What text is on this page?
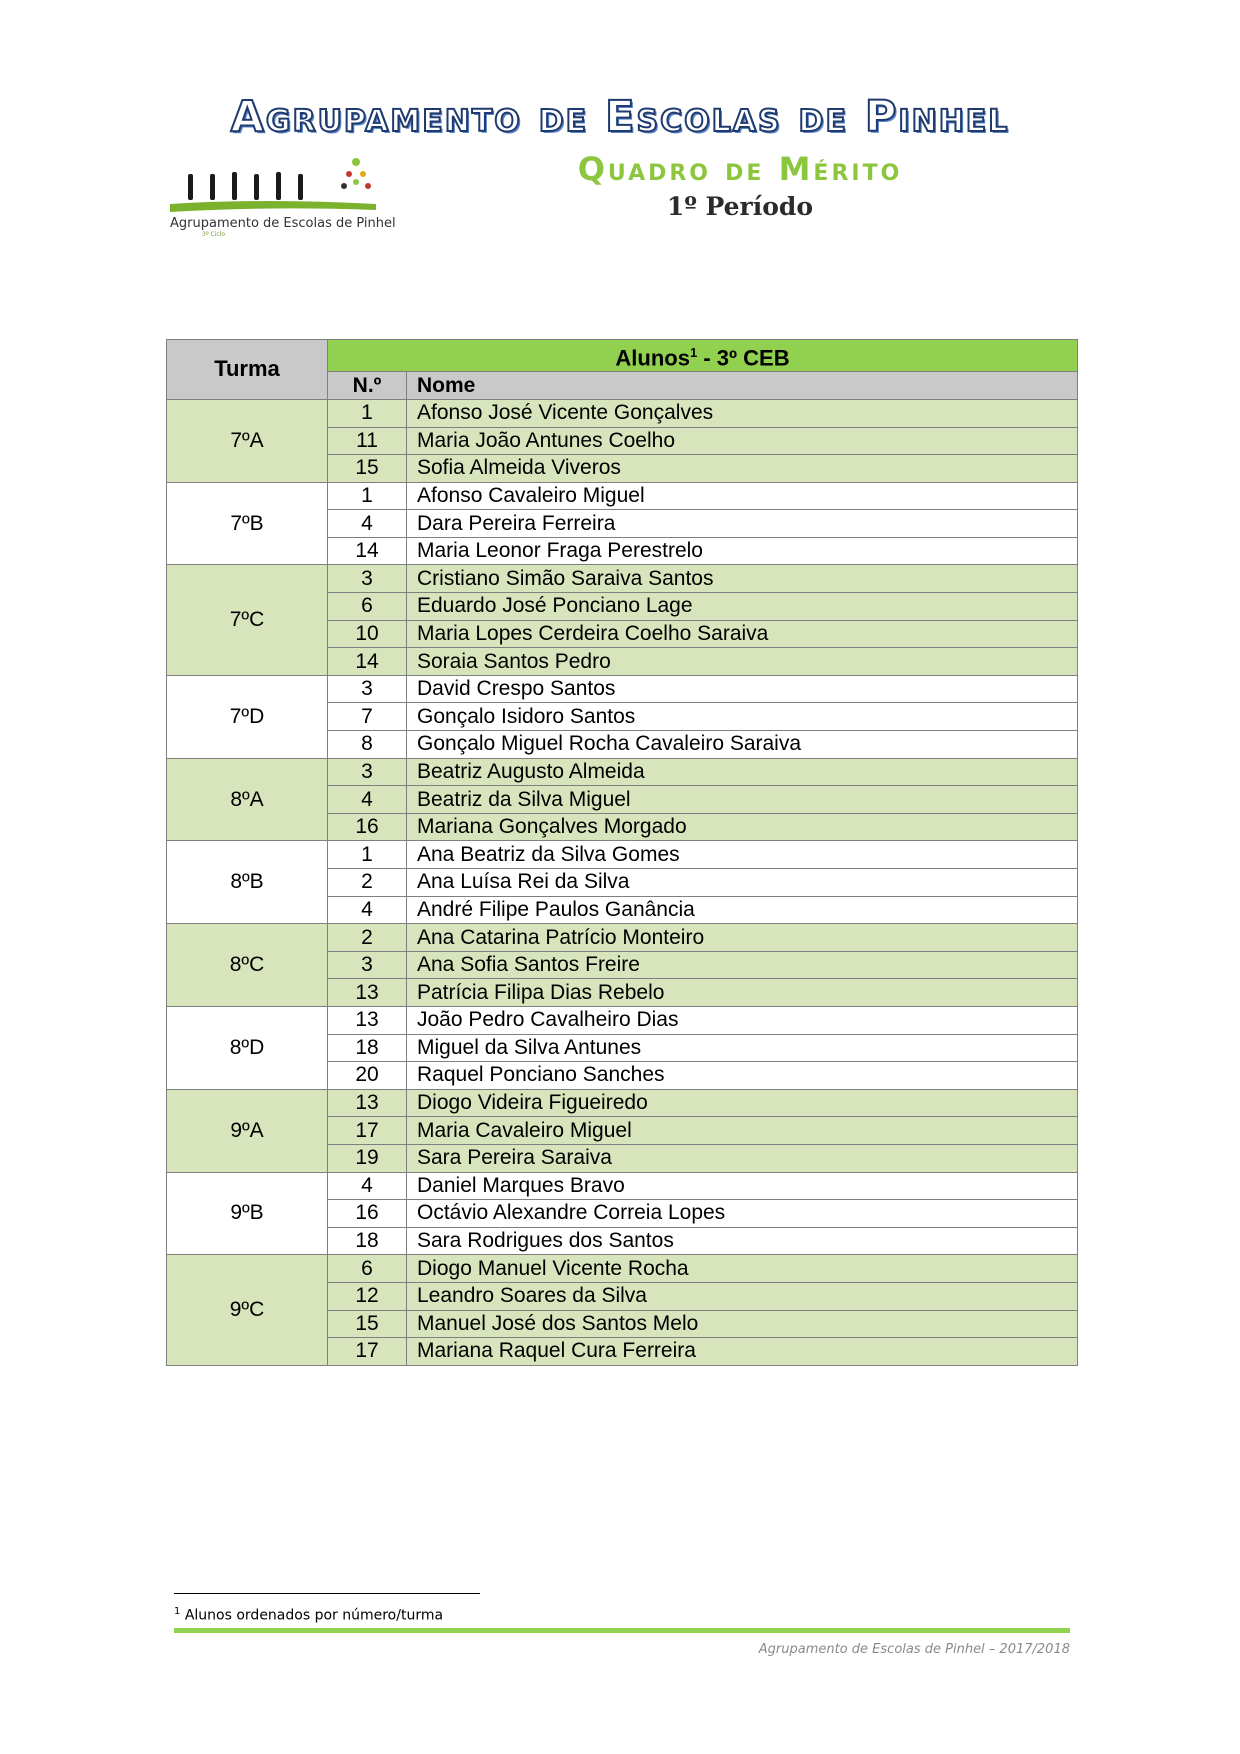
Agrupamento de Escolas de Pinhel
Agrupamento de Escolas de Pinhel
3º Ciclo
Quadro de Mérito
1º Período
Turma	Alunos$^1$ - 3º CEB	
	N.º	Nome
7ºA	1	Afonso José Vicente Gonçalves
	11	Maria João Antunes Coelho
	15	Sofia Almeida Viveros
7ºB	1	Afonso Cavaleiro Miguel
	4	Dara Pereira Ferreira
	14	Maria Leonor Fraga Perestrelo
7ºC	3	Cristiano Simão Saraiva Santos
	6	Eduardo José Ponciano Lage
	10	Maria Lopes Cerdeira Coelho Saraiva
	14	Soraia Santos Pedro
7ºD	3	David Crespo Santos
	7	Gonçalo Isidoro Santos
	8	Gonçalo Miguel Rocha Cavaleiro Saraiva
8ºA	3	Beatriz Augusto Almeida
	4	Beatriz da Silva Miguel
	16	Mariana Gonçalves Morgado
8ºB	1	Ana Beatriz da Silva Gomes
	2	Ana Luísa Rei da Silva
	4	André Filipe Paulos Ganância
8ºC	2	Ana Catarina Patrício Monteiro
	3	Ana Sofia Santos Freire
	13	Patrícia Filipa Dias Rebelo
8ºD	13	João Pedro Cavalheiro Dias
	18	Miguel da Silva Antunes
	20	Raquel Ponciano Sanches
9ºA	13	Diogo Videira Figueiredo
	17	Maria Cavaleiro Miguel
	19	Sara Pereira Saraiva
9ºB	4	Daniel Marques Bravo
	16	Octávio Alexandre Correia Lopes
	18	Sara Rodrigues dos Santos
9ºC	6	Diogo Manuel Vicente Rocha
	12	Leandro Soares da Silva
	15	Manuel José dos Santos Melo
	17	Mariana Raquel Cura Ferreira
$^1$ Alunos ordenados por número/turma
Agrupamento de Escolas de Pinhel – 2017/2018
